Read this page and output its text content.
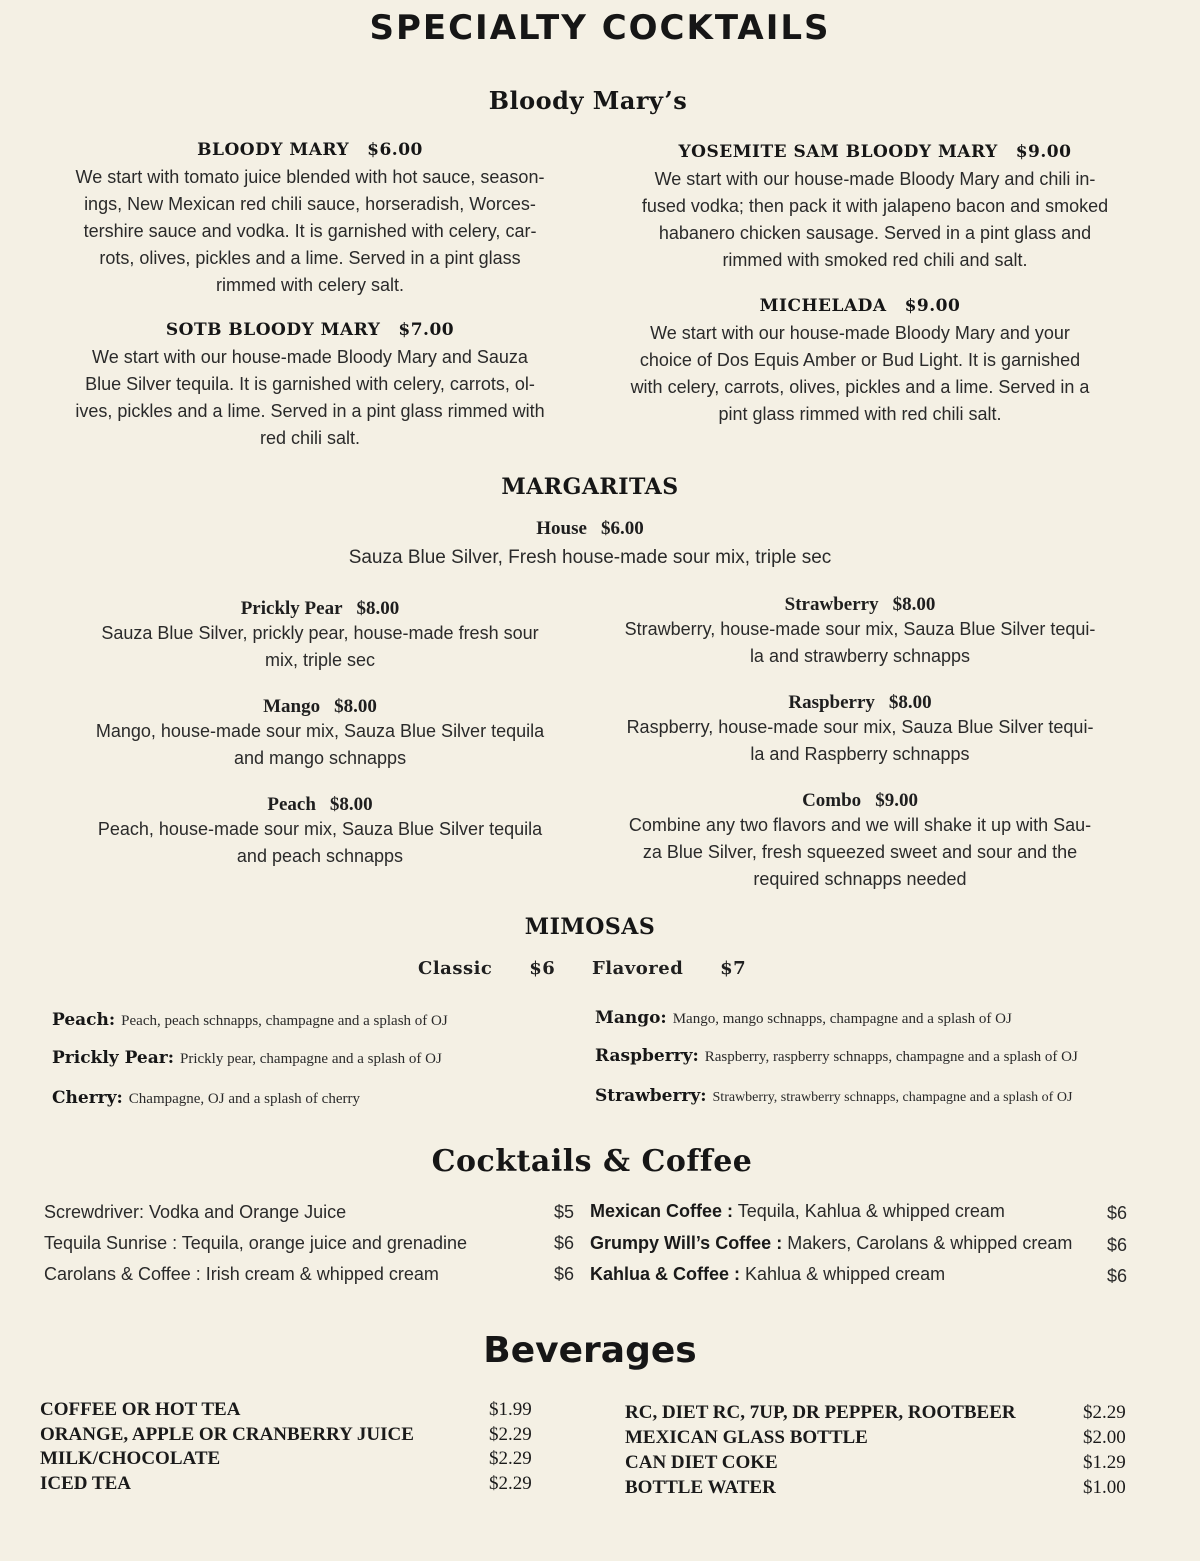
SPECIALTY COCKTAILS
Bloody Mary’s
BLOODY MARY $6.00
We start with tomato juice blended with hot sauce, season-
ings, New Mexican red chili sauce, horseradish, Worces-
tershire sauce and vodka. It is garnished with celery, car-
rots, olives, pickles and a lime. Served in a pint glass
rimmed with celery salt.
SOTB BLOODY MARY $7.00
We start with our house-made Bloody Mary and Sauza
Blue Silver tequila. It is garnished with celery, carrots, ol-
ives, pickles and a lime. Served in a pint glass rimmed with
red chili salt.
YOSEMITE SAM BLOODY MARY $9.00
We start with our house-made Bloody Mary and chili in-
fused vodka; then pack it with jalapeno bacon and smoked
habanero chicken sausage. Served in a pint glass and
rimmed with smoked red chili and salt.
MICHELADA $9.00
We start with our house-made Bloody Mary and your
choice of Dos Equis Amber or Bud Light. It is garnished
with celery, carrots, olives, pickles and a lime. Served in a
pint glass rimmed with red chili salt.
MARGARITAS
House $6.00
Sauza Blue Silver, Fresh house-made sour mix, triple sec
Prickly Pear $8.00
Sauza Blue Silver, prickly pear, house-made fresh sour
mix, triple sec
Mango $8.00
Mango, house-made sour mix, Sauza Blue Silver tequila
and mango schnapps
Peach $8.00
Peach, house-made sour mix, Sauza Blue Silver tequila
and peach schnapps
Strawberry $8.00
Strawberry, house-made sour mix, Sauza Blue Silver tequi-
la and strawberry schnapps
Raspberry $8.00
Raspberry, house-made sour mix, Sauza Blue Silver tequi-
la and Raspberry schnapps
Combo $9.00
Combine any two flavors and we will shake it up with Sau-
za Blue Silver, fresh squeezed sweet and sour and the
required schnapps needed
MIMOSAS
Classic $6 Flavored $7
Peach: Peach, peach schnapps, champagne and a splash of OJ
Prickly Pear: Prickly pear, champagne and a splash of OJ
Cherry: Champagne, OJ and a splash of cherry
Mango: Mango, mango schnapps, champagne and a splash of OJ
Raspberry: Raspberry, raspberry schnapps, champagne and a splash of OJ
Strawberry: Strawberry, strawberry schnapps, champagne and a splash of OJ
Cocktails & Coffee
Screwdriver: Vodka and Orange Juice	$5
Tequila Sunrise : Tequila, orange juice and grenadine	$6
Carolans & Coffee : Irish cream & whipped cream	$6
Mexican Coffee : Tequila, Kahlua & whipped cream	$6
Grumpy Will’s Coffee : Makers, Carolans & whipped cream $6
Kahlua & Coffee : Kahlua & whipped cream	$6
Beverages
COFFEE OR HOT TEA	$1.99
ORANGE, APPLE OR CRANBERRY JUICE	$2.29
MILK/CHOCOLATE	$2.29
ICED TEA	$2.29
RC, DIET RC, 7UP, DR PEPPER, ROOTBEER	$2.29
MEXICAN GLASS BOTTLE	$2.00
CAN DIET COKE	$1.29
BOTTLE WATER	$1.00
